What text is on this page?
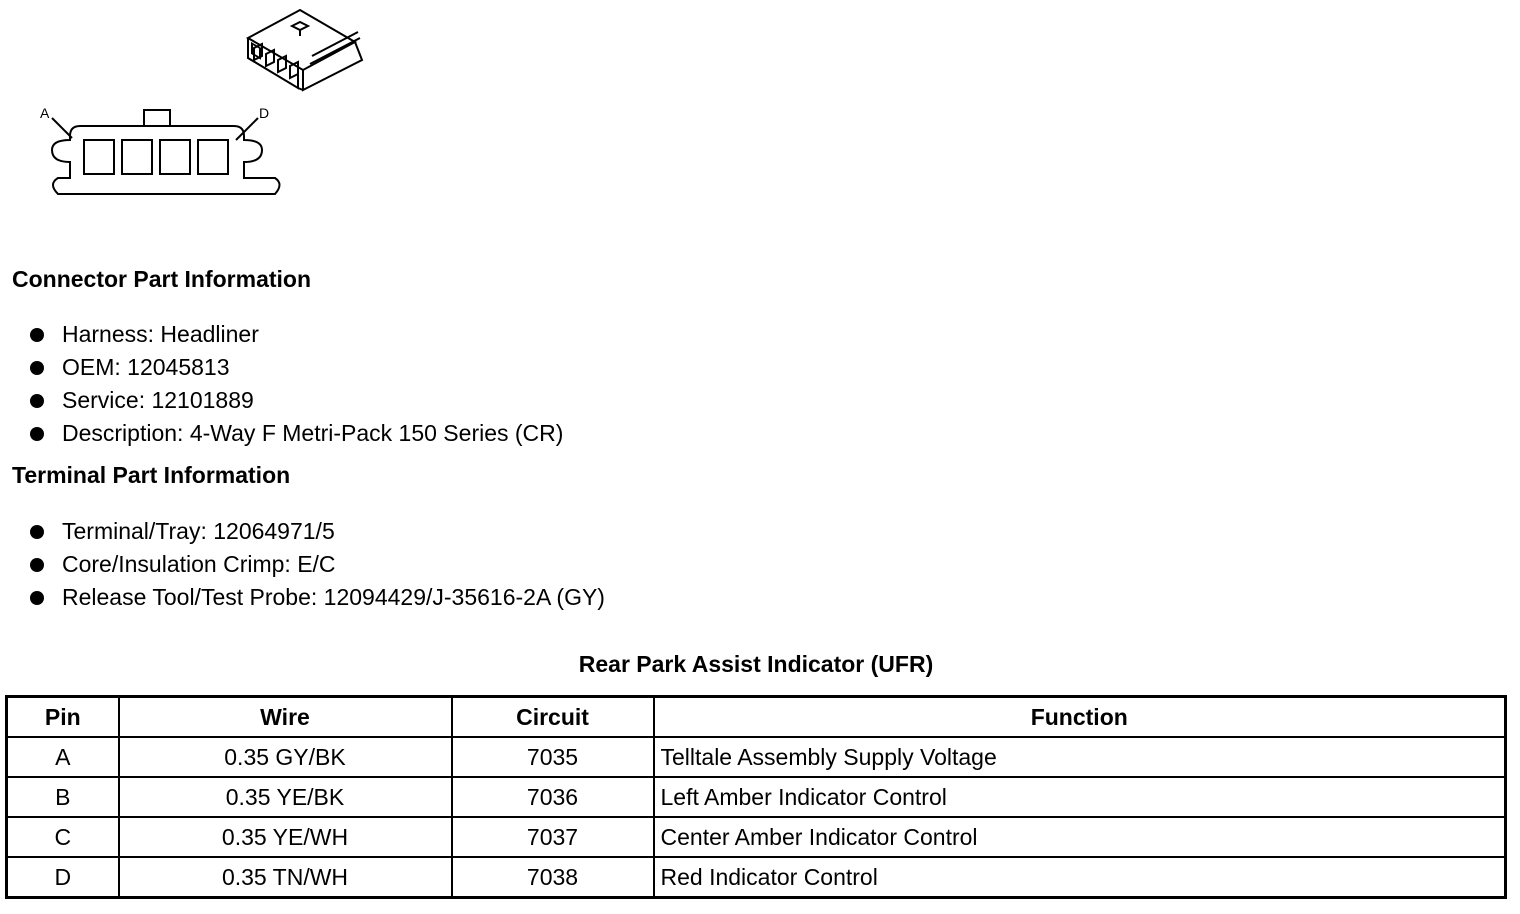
A	D
Connector Part Information
Harness: Headliner
OEM: 12045813
Service: 12101889
Description: 4-Way F Metri-Pack 150 Series (CR)
Terminal Part Information
Terminal/Tray: 12064971/5
Core/Insulation Crimp: E/C
Release Tool/Test Probe: 12094429/J-35616-2A (GY)
Rear Park Assist Indicator (UFR)
Pin	Wire	Circuit	Function
A	0.35 GY/BK	7035	Telltale Assembly Supply Voltage
B	0.35 YE/BK	7036	Left Amber Indicator Control
C	0.35 YE/WH	7037	Center Amber Indicator Control
D	0.35 TN/WH	7038	Red Indicator Control
